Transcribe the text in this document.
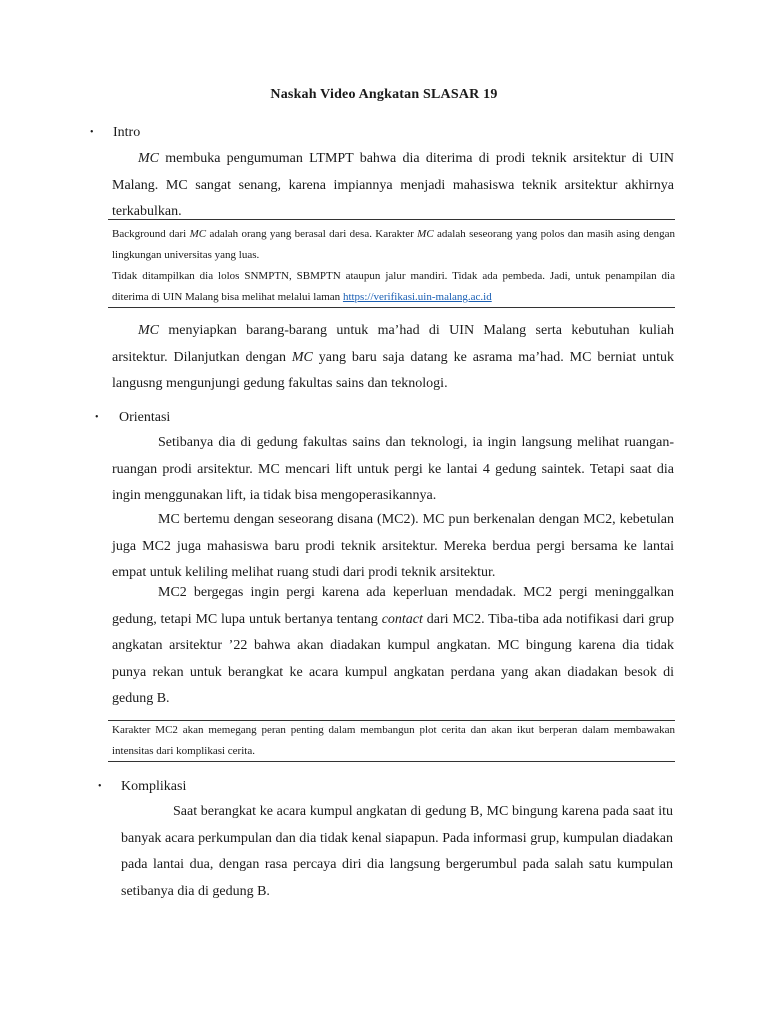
Naskah Video Angkatan SLASAR 19
• Intro
MC membuka pengumuman LTMPT bahwa dia diterima di prodi teknik arsitektur di UIN Malang. MC sangat senang, karena impiannya menjadi mahasiswa teknik arsitektur akhirnya terkabulkan.
Background dari MC adalah orang yang berasal dari desa. Karakter MC adalah seseorang yang polos dan masih asing dengan lingkungan universitas yang luas.
Tidak ditampilkan dia lolos SNMPTN, SBMPTN ataupun jalur mandiri. Tidak ada pembeda. Jadi, untuk penampilan dia diterima di UIN Malang bisa melihat melalui laman https://verifikasi.uin-malang.ac.id
MC menyiapkan barang-barang untuk ma’had di UIN Malang serta kebutuhan kuliah arsitektur. Dilanjutkan dengan MC yang baru saja datang ke asrama ma’had. MC berniat untuk langusng mengunjungi gedung fakultas sains dan teknologi.
• Orientasi
Setibanya dia di gedung fakultas sains dan teknologi, ia ingin langsung melihat ruangan-ruangan prodi arsitektur. MC mencari lift untuk pergi ke lantai 4 gedung saintek. Tetapi saat dia ingin menggunakan lift, ia tidak bisa mengoperasikannya.
MC bertemu dengan seseorang disana (MC2). MC pun berkenalan dengan MC2, kebetulan juga MC2 juga mahasiswa baru prodi teknik arsitektur. Mereka berdua pergi bersama ke lantai empat untuk keliling melihat ruang studi dari prodi teknik arsitektur.
MC2 bergegas ingin pergi karena ada keperluan mendadak. MC2 pergi meninggalkan gedung, tetapi MC lupa untuk bertanya tentang contact dari MC2. Tiba-tiba ada notifikasi dari grup angkatan arsitektur ’22 bahwa akan diadakan kumpul angkatan. MC bingung karena dia tidak punya rekan untuk berangkat ke acara kumpul angkatan perdana yang akan diadakan besok di gedung B.
Karakter MC2 akan memegang peran penting dalam membangun plot cerita dan akan ikut berperan dalam membawakan intensitas dari komplikasi cerita.
• Komplikasi
Saat berangkat ke acara kumpul angkatan di gedung B, MC bingung karena pada saat itu banyak acara perkumpulan dan dia tidak kenal siapapun. Pada informasi grup, kumpulan diadakan pada lantai dua, dengan rasa percaya diri dia langsung bergerumbul pada salah satu kumpulan setibanya dia di gedung B.
